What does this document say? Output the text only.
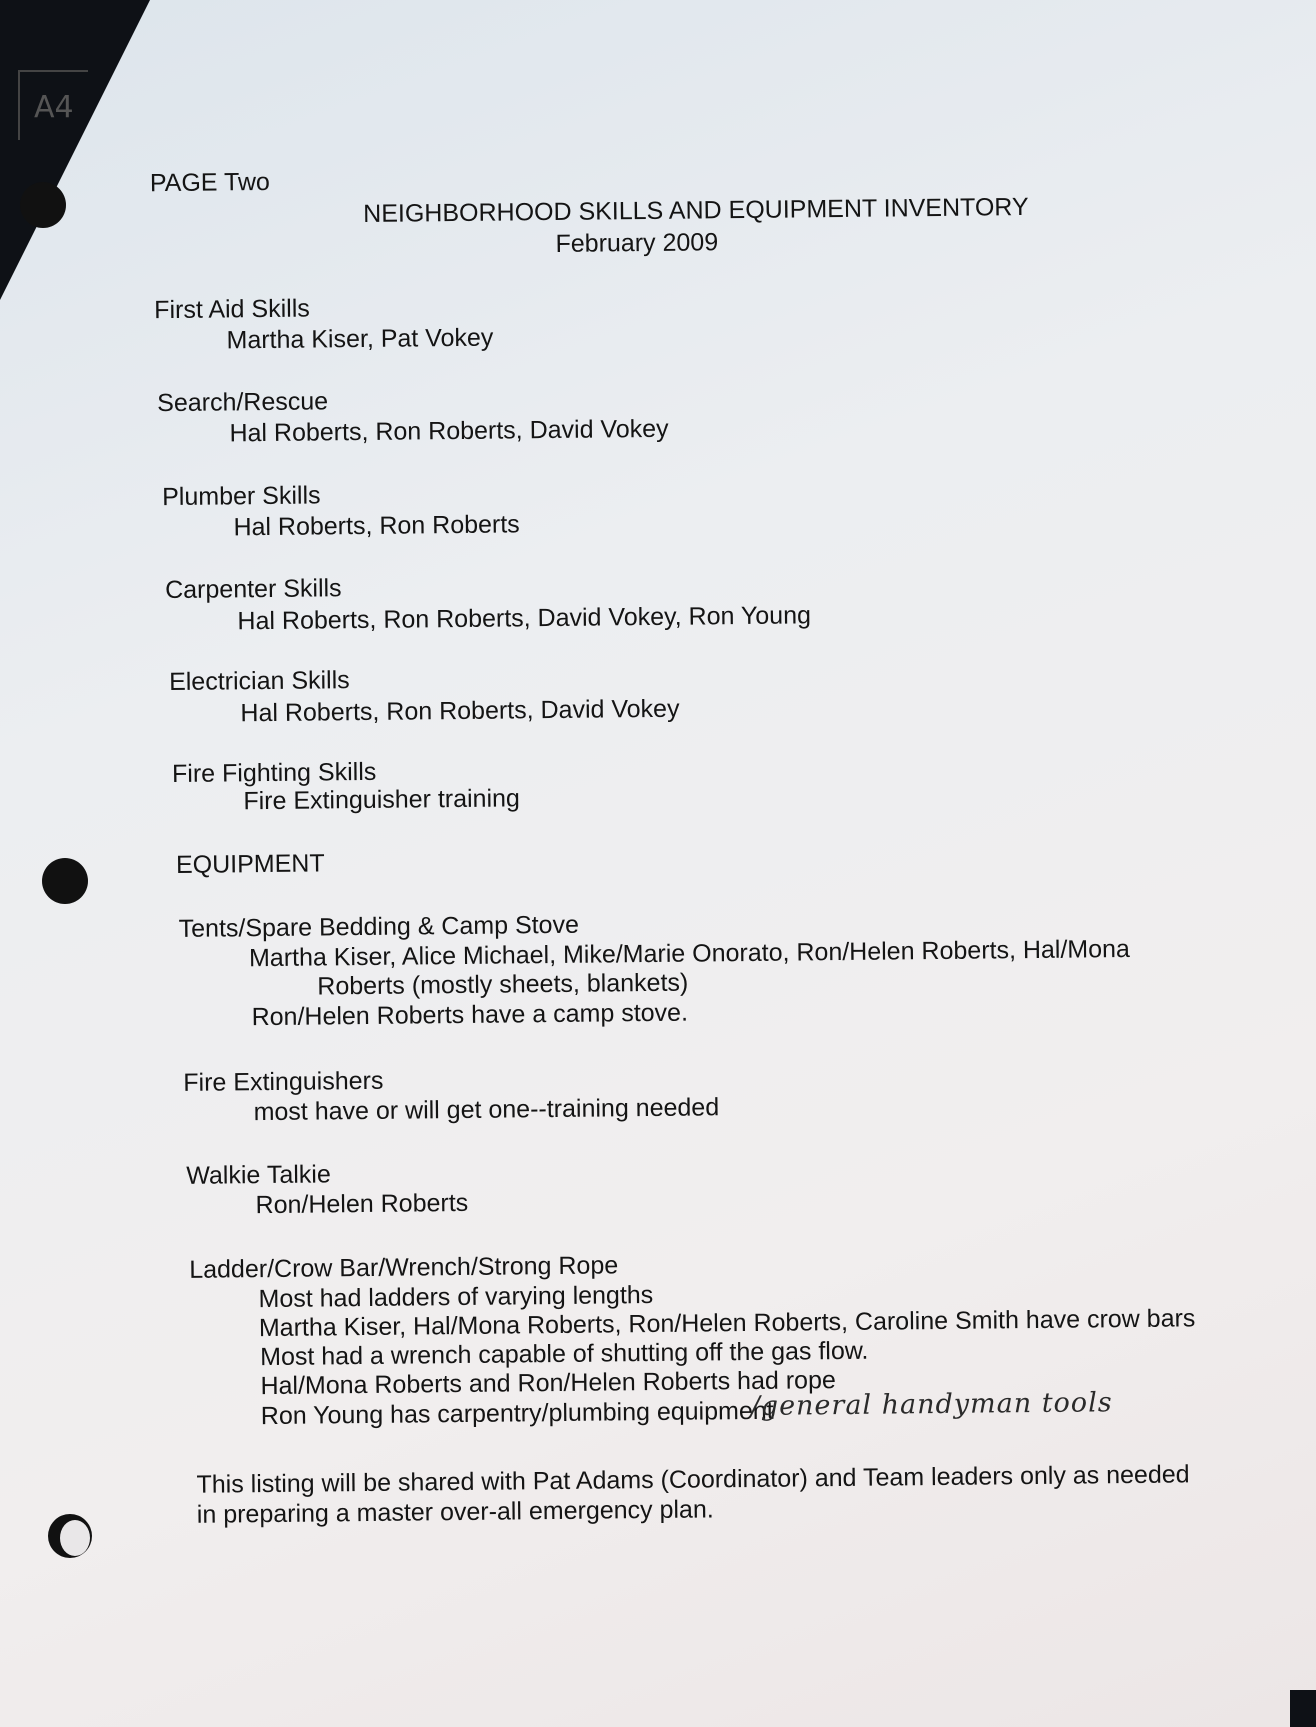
A4
PAGE Two
NEIGHBORHOOD SKILLS AND EQUIPMENT INVENTORY
February 2009
First Aid Skills
Martha Kiser, Pat Vokey
Search/Rescue
Hal Roberts, Ron Roberts, David Vokey
Plumber Skills
Hal Roberts, Ron Roberts
Carpenter Skills
Hal Roberts, Ron Roberts, David Vokey, Ron Young
Electrician Skills
Hal Roberts, Ron Roberts, David Vokey
Fire Fighting Skills
Fire Extinguisher training
EQUIPMENT
Tents/Spare Bedding & Camp Stove
Martha Kiser, Alice Michael, Mike/Marie Onorato, Ron/Helen Roberts, Hal/Mona
Roberts (mostly sheets, blankets)
Ron/Helen Roberts have a camp stove.
Fire Extinguishers
most have or will get one--training needed
Walkie Talkie
Ron/Helen Roberts
Ladder/Crow Bar/Wrench/Strong Rope
Most had ladders of varying lengths
Martha Kiser, Hal/Mona Roberts, Ron/Helen Roberts, Caroline Smith have crow bars
Most had a wrench capable of shutting off the gas flow.
Hal/Mona Roberts and Ron/Helen Roberts had rope
Ron Young has carpentry/plumbing equipment
/general handyman tools
This listing will be shared with Pat Adams (Coordinator) and Team leaders only as needed
in preparing a master over-all emergency plan.
